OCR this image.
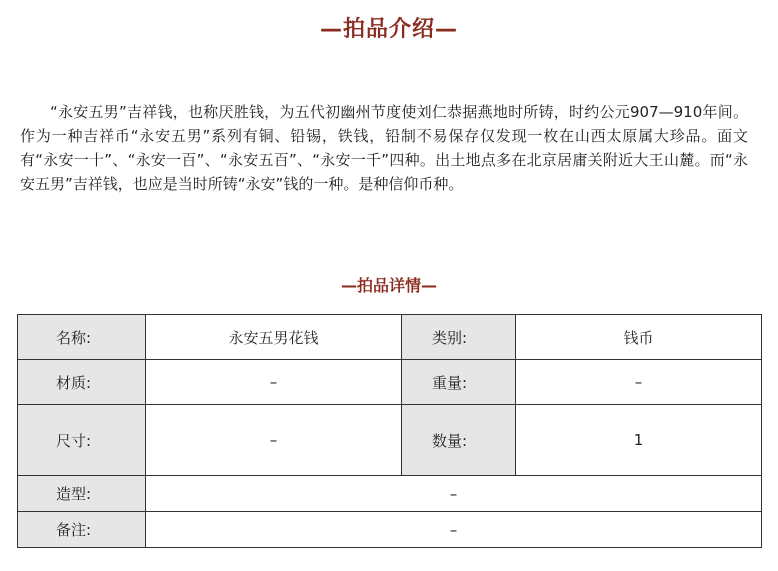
—拍品介绍—
“永安五男”吉祥钱，也称厌胜钱，为五代初幽州节度使刘仁恭据燕地时所铸，时约公元907—910年间。作为一种吉祥币“永安五男”系列有铜、铅锡，铁钱，铅制不易保存仅发现一枚在山西太原属大珍品。面文有“永安一十”、“永安一百”、“永安五百”、“永安一千”四种。出土地点多在北京居庸关附近大王山麓。而“永安五男”吉祥钱，也应是当时所铸“永安”钱的一种。是种信仰币种。
—拍品详情—
名称:	永安五男花钱	类别:	钱币
材质:	–	重量:	–
尺寸:	–	数量:	1
造型:	–		
备注:	–		
